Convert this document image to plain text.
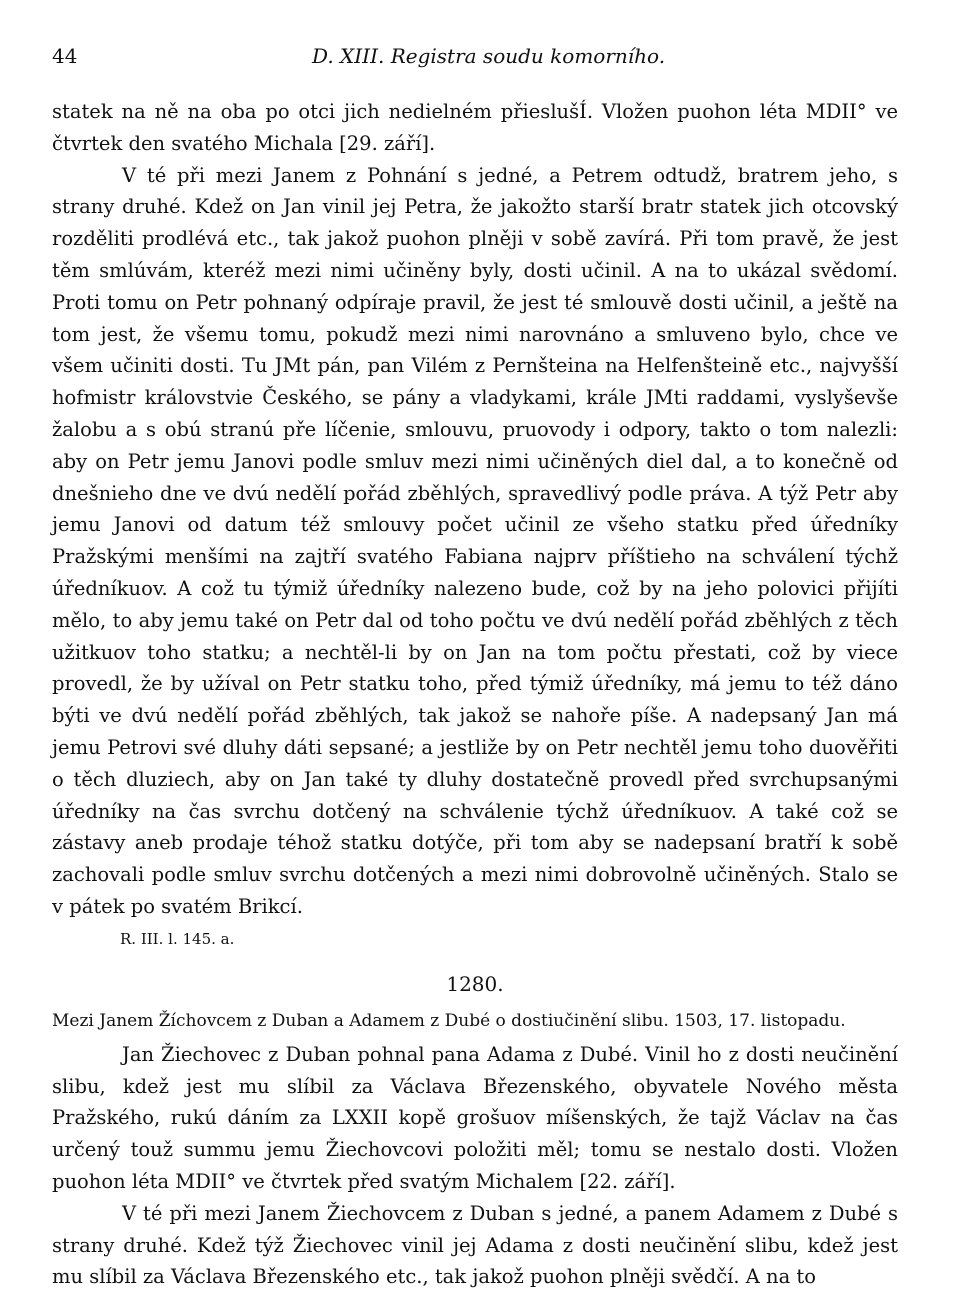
44	D. XIII. Registra soudu komorního.

statek na ně na oba po otci jich nedielném přieslušÍ. Vložen puohon léta MDII° ve čtvrtek den svatého Michala [29. září].

V té při mezi Janem z Pohnání s jedné, a Petrem odtudž, bratrem jeho, s strany druhé. Kdež on Jan vinil jej Petra, že jakožto starší bratr statek jich otcovský rozděliti prodlévá etc., tak jakož puohon plněji v sobě zavírá. Při tom pravě, že jest těm smlúvám, kteréž mezi nimi učiněny byly, dosti učinil. A na to ukázal svědomí. Proti tomu on Petr pohnaný odpíraje pravil, že jest té smlouvě dosti učinil, a ještě na tom jest, že všemu tomu, pokudž mezi nimi narovnáno a smluveno bylo, chce ve všem učiniti dosti. Tu JMt pán, pan Vilém z Pernšteina na Helfenšteině etc., najvyšší hofmistr královstvie Českého, se pány a vladykami, krále JMti raddami, vyslyševše žalobu a s obú stranú pře líčenie, smlouvu, pruovody i odpory, takto o tom nalezli: aby on Petr jemu Janovi podle smluv mezi nimi učiněných diel dal, a to konečně od dnešnieho dne ve dvú nedělí pořád zběhlých, spravedlivý podle práva. A týž Petr aby jemu Janovi od datum též smlouvy počet učinil ze všeho statku před úředníky Pražskými menšími na zajtří svatého Fabiana najprv příštieho na schválení týchž úředníkuov. A což tu týmiž úředníky nalezeno bude, což by na jeho polovici přijíti mělo, to aby jemu také on Petr dal od toho počtu ve dvú nedělí pořád zběhlých z těch užitkuov toho statku; a nechtěl-li by on Jan na tom počtu přestati, což by viece provedl, že by užíval on Petr statku toho, před týmiž úředníky, má jemu to též dáno býti ve dvú nedělí pořád zběhlých, tak jakož se nahoře píše. A nadepsaný Jan má jemu Petrovi své dluhy dáti sepsané; a jestliže by on Petr nechtěl jemu toho duověřiti o těch dluziech, aby on Jan také ty dluhy dostatečně provedl před svrchupsanými úředníky na čas svrchu dotčený na schválenie týchž úředníkuov. A také což se zástavy aneb prodaje téhož statku dotýče, při tom aby se nadepsaní bratří k sobě zachovali podle smluv svrchu dotčených a mezi nimi dobrovolně učiněných. Stalo se v pátek po svatém Brikcí.

R. III. l. 145. a.
1280.
Mezi Janem Žíchovcem z Duban a Adamem z Dubé o dostiučinění slibu. 1503, 17. listopadu.

Jan Žiechovec z Duban pohnal pana Adama z Dubé. Vinil ho z dosti neučinění slibu, kdež jest mu slíbil za Václava Březenského, obyvatele Nového města Pražského, rukú dáním za LXXII kopě grošuov míšenských, že tajž Václav na čas určený touž summu jemu Žiechovcovi položiti měl; tomu se nestalo dosti. Vložen puohon léta MDII° ve čtvrtek před svatým Michalem [22. září].

V té při mezi Janem Žiechovcem z Duban s jedné, a panem Adamem z Dubé s strany druhé. Kdež týž Žiechovec vinil jej Adama z dosti neučinění slibu, kdež jest mu slíbil za Václava Březenského etc., tak jakož puohon plněji svědčí. A na to
